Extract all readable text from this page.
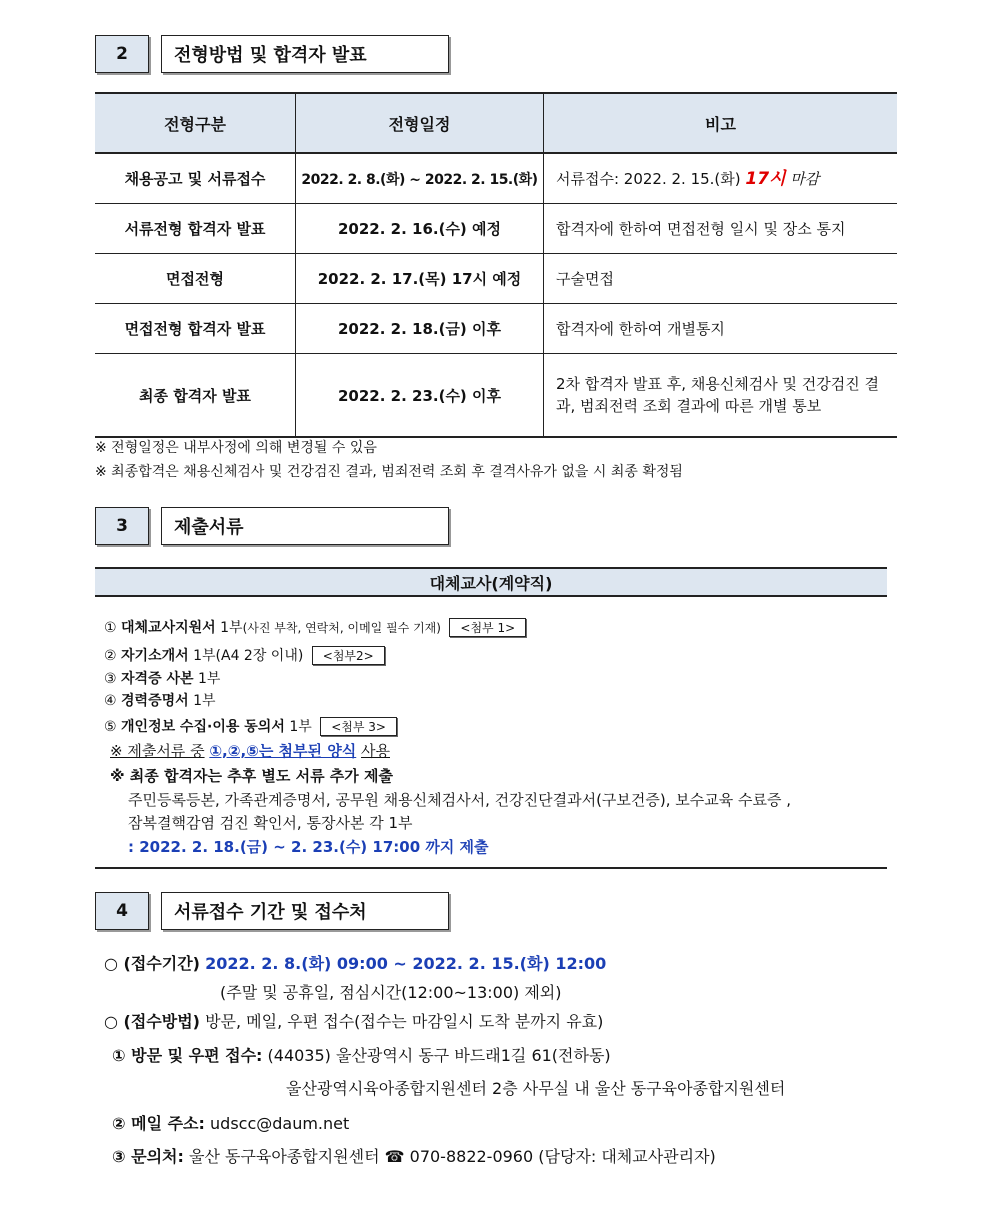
2	전형방법 및 합격자 발표
전형구분	전형일정	비고
채용공고 및 서류접수	2022. 2. 8.(화) ~ 2022. 2. 15.(화)	서류접수: 2022. 2. 15.(화) 17시 마감
서류전형 합격자 발표	2022. 2. 16.(수) 예정	합격자에 한하여 면접전형 일시 및 장소 통지
면접전형	2022. 2. 17.(목) 17시 예정	구술면접
면접전형 합격자 발표	2022. 2. 18.(금) 이후	합격자에 한하여 개별통지
최종 합격자 발표	2022. 2. 23.(수) 이후	2차 합격자 발표 후, 채용신체검사 및 건강검진 결과, 범죄전력 조회 결과에 따른 개별 통보
※ 전형일정은 내부사정에 의해 변경될 수 있음
※ 최종합격은 채용신체검사 및 건강검진 결과, 범죄전력 조회 후 결격사유가 없을 시 최종 확정됨
3	제출서류
대체교사(계약직)
① 대체교사지원서 1부(사진 부착, 연락처, 이메일 필수 기재) <첨부 1>
② 자기소개서 1부(A4 2장 이내) <첨부2>
③ 자격증 사본 1부
④ 경력증명서 1부
⑤ 개인정보 수집·이용 동의서 1부 <첨부 3>
※ 제출서류 중 ①,②,⑤는 첨부된 양식 사용
※ 최종 합격자는 추후 별도 서류 추가 제출
주민등록등본, 가족관계증명서, 공무원 채용신체검사서, 건강진단결과서(구보건증), 보수교육 수료증 ,
잠복결핵감염 검진 확인서, 통장사본 각 1부
: 2022. 2. 18.(금) ~ 2. 23.(수) 17:00 까지 제출
4	서류접수 기간 및 접수처
○ (접수기간) 2022. 2. 8.(화) 09:00 ~ 2022. 2. 15.(화) 12:00
(주말 및 공휴일, 점심시간(12:00~13:00) 제외)
○ (접수방법) 방문, 메일, 우편 접수(접수는 마감일시 도착 분까지 유효)
① 방문 및 우편 접수: (44035) 울산광역시 동구 바드래1길 61(전하동)
울산광역시육아종합지원센터 2층 사무실 내 울산 동구육아종합지원센터
② 메일 주소: udscc@daum.net
③ 문의처: 울산 동구육아종합지원센터 ☎ 070-8822-0960 (담당자: 대체교사관리자)
